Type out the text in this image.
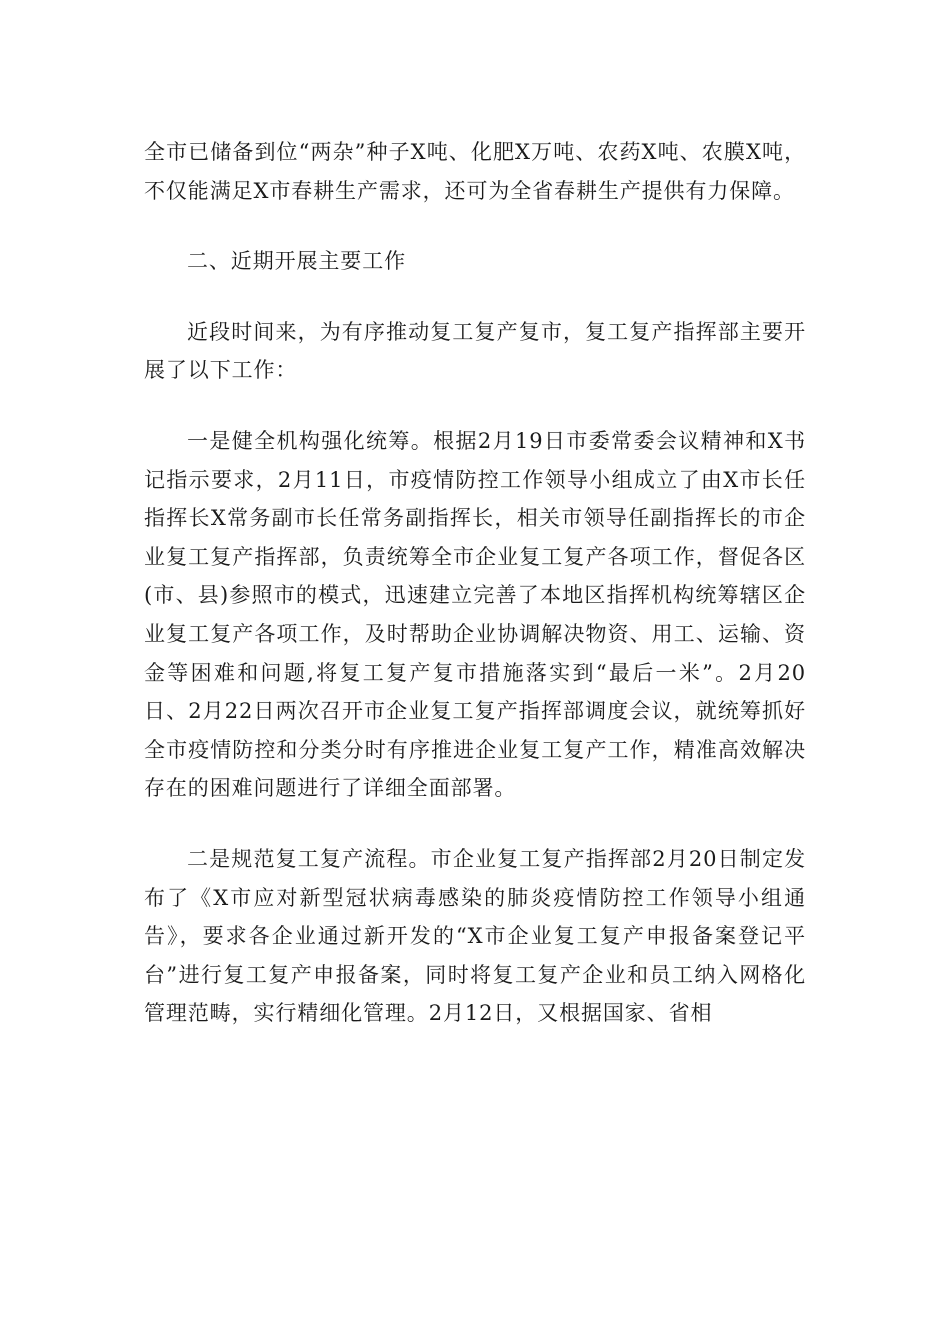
全市已储备到位“两杂”种子X吨、化肥X万吨、农药X吨、农膜X吨，不仅能满足X市春耕生产需求，还可为全省春耕生产提供有力保障。

二、近期开展主要工作

近段时间来，为有序推动复工复产复市，复工复产指挥部主要开展了以下工作：

一是健全机构强化统筹。根据2月19日市委常委会议精神和X书记指示要求，2月11日，市疫情防控工作领导小组成立了由X市长任指挥长X常务副市长任常务副指挥长，相关市领导任副指挥长的市企业复工复产指挥部，负责统筹全市企业复工复产各项工作，督促各区(市、县)参照市的模式，迅速建立完善了本地区指挥机构统筹辖区企业复工复产各项工作，及时帮助企业协调解决物资、用工、运输、资金等困难和问题,将复工复产复市措施落实到“最后一米”。2月20日、2月22日两次召开市企业复工复产指挥部调度会议，就统筹抓好全市疫情防控和分类分时有序推进企业复工复产工作，精准高效解决存在的困难问题进行了详细全面部署。

二是规范复工复产流程。市企业复工复产指挥部2月20日制定发布了《X市应对新型冠状病毒感染的肺炎疫情防控工作领导小组通告》，要求各企业通过新开发的“X市企业复工复产申报备案登记平台”进行复工复产申报备案，同时将复工复产企业和员工纳入网格化管理范畴，实行精细化管理。2月12日，又根据国家、省相
